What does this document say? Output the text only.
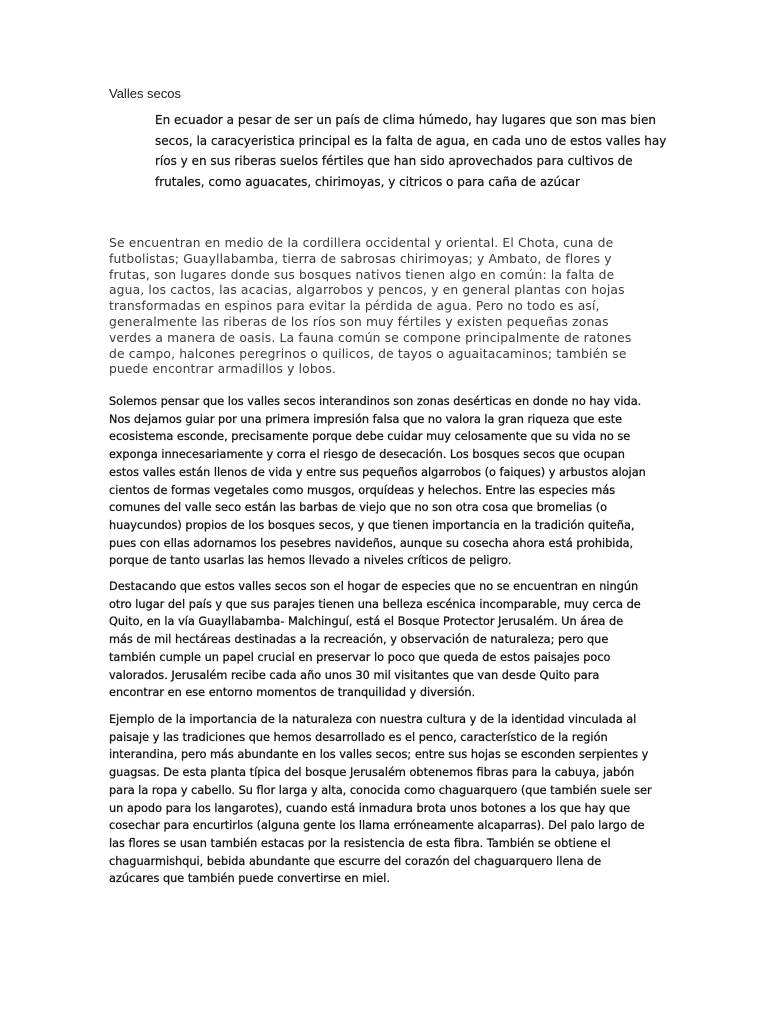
Valles secos
En ecuador a pesar de ser un país de clima húmedo, hay lugares que son mas bien
secos, la caracyeristica principal es la falta de agua, en cada uno de estos valles hay
ríos y en sus riberas suelos fértiles que han sido aprovechados para cultivos de
frutales, como aguacates, chirimoyas, y citricos o para caña de azúcar
Se encuentran en medio de la cordillera occidental y oriental. El Chota, cuna de
futbolistas; Guayllabamba, tierra de sabrosas chirimoyas; y Ambato, de flores y
frutas, son lugares donde sus bosques nativos tienen algo en común: la falta de
agua, los cactos, las acacias, algarrobos y pencos, y en general plantas con hojas
transformadas en espinos para evitar la pérdida de agua. Pero no todo es así,
generalmente las riberas de los ríos son muy fértiles y existen pequeñas zonas
verdes a manera de oasis. La fauna común se compone principalmente de ratones
de campo, halcones peregrinos o quilicos, de tayos o aguaitacaminos; también se
puede encontrar armadillos y lobos.
Solemos pensar que los valles secos interandinos son zonas desérticas en donde no hay vida.
Nos dejamos guiar por una primera impresión falsa que no valora la gran riqueza que este
ecosistema esconde, precisamente porque debe cuidar muy celosamente que su vida no se
exponga innecesariamente y corra el riesgo de desecación. Los bosques secos que ocupan
estos valles están llenos de vida y entre sus pequeños algarrobos (o faiques) y arbustos alojan
cientos de formas vegetales como musgos, orquídeas y helechos. Entre las especies más
comunes del valle seco están las barbas de viejo que no son otra cosa que bromelias (o
huaycundos) propios de los bosques secos, y que tienen importancia en la tradición quiteña,
pues con ellas adornamos los pesebres navideños, aunque su cosecha ahora está prohibida,
porque de tanto usarlas las hemos llevado a niveles críticos de peligro.
Destacando que estos valles secos son el hogar de especies que no se encuentran en ningún
otro lugar del país y que sus parajes tienen una belleza escénica incomparable, muy cerca de
Quito, en la vía Guayllabamba- Malchinguí, está el Bosque Protector Jerusalém. Un área de
más de mil hectáreas destinadas a la recreación, y observación de naturaleza; pero que
también cumple un papel crucial en preservar lo poco que queda de estos paisajes poco
valorados. Jerusalém recibe cada año unos 30 mil visitantes que van desde Quito para
encontrar en ese entorno momentos de tranquilidad y diversión.
Ejemplo de la importancia de la naturaleza con nuestra cultura y de la identidad vinculada al
paisaje y las tradiciones que hemos desarrollado es el penco, característico de la región
interandina, pero más abundante en los valles secos; entre sus hojas se esconden serpientes y
guagsas. De esta planta típica del bosque Jerusalém obtenemos fibras para la cabuya, jabón
para la ropa y cabello. Su flor larga y alta, conocida como chaguarquero (que también suele ser
un apodo para los langarotes), cuando está inmadura brota unos botones a los que hay que
cosechar para encurtirlos (alguna gente los llama erróneamente alcaparras). Del palo largo de
las flores se usan también estacas por la resistencia de esta fibra. También se obtiene el
chaguarmishqui, bebida abundante que escurre del corazón del chaguarquero llena de
azúcares que también puede convertirse en miel.
